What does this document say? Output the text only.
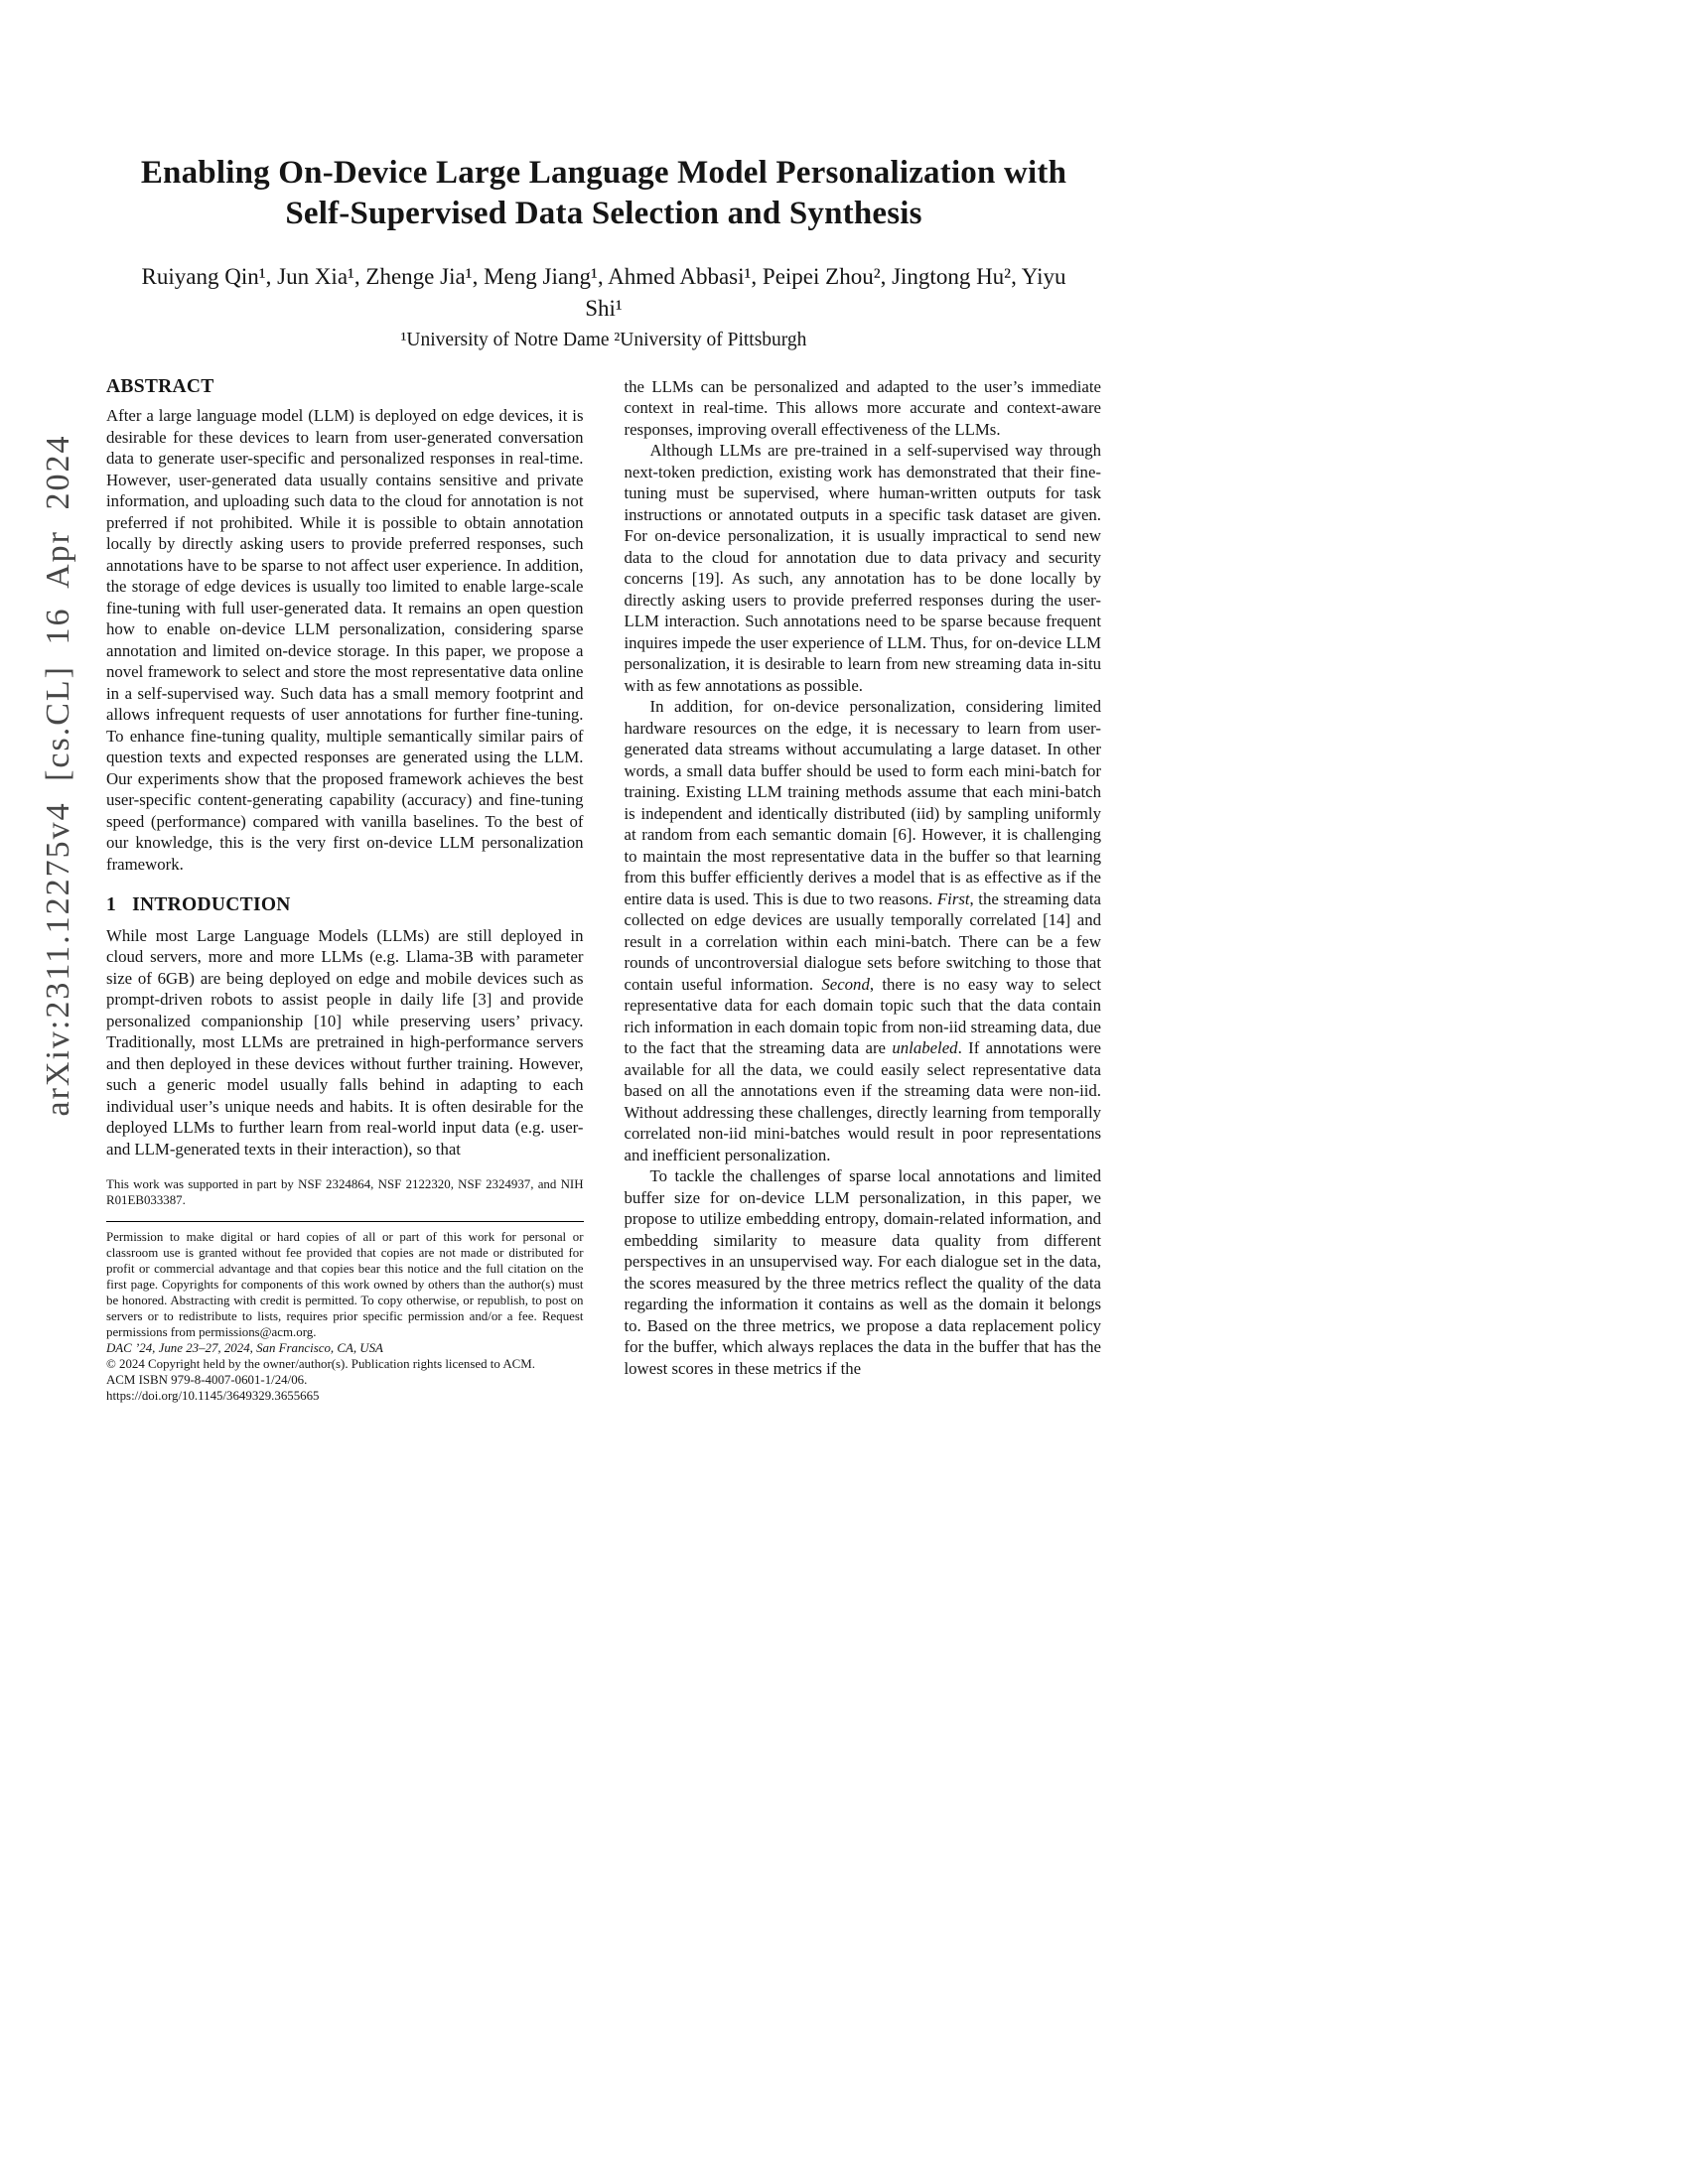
arXiv:2311.12275v4 [cs.CL] 16 Apr 2024
Enabling On-Device Large Language Model Personalization with Self-Supervised Data Selection and Synthesis
Ruiyang Qin¹, Jun Xia¹, Zhenge Jia¹, Meng Jiang¹, Ahmed Abbasi¹, Peipei Zhou², Jingtong Hu², Yiyu Shi¹
¹University of Notre Dame ²University of Pittsburgh
ABSTRACT

After a large language model (LLM) is deployed on edge devices, it is desirable for these devices to learn from user-generated conversation data to generate user-specific and personalized responses in real-time. However, user-generated data usually contains sensitive and private information, and uploading such data to the cloud for annotation is not preferred if not prohibited. While it is possible to obtain annotation locally by directly asking users to provide preferred responses, such annotations have to be sparse to not affect user experience. In addition, the storage of edge devices is usually too limited to enable large-scale fine-tuning with full user-generated data. It remains an open question how to enable on-device LLM personalization, considering sparse annotation and limited on-device storage. In this paper, we propose a novel framework to select and store the most representative data online in a self-supervised way. Such data has a small memory footprint and allows infrequent requests of user annotations for further fine-tuning. To enhance fine-tuning quality, multiple semantically similar pairs of question texts and expected responses are generated using the LLM. Our experiments show that the proposed framework achieves the best user-specific content-generating capability (accuracy) and fine-tuning speed (performance) compared with vanilla baselines. To the best of our knowledge, this is the very first on-device LLM personalization framework.

1 INTRODUCTION

While most Large Language Models (LLMs) are still deployed in cloud servers, more and more LLMs (e.g. Llama-3B with parameter size of 6GB) are being deployed on edge and mobile devices such as prompt-driven robots to assist people in daily life [3] and provide personalized companionship [10] while preserving users’ privacy. Traditionally, most LLMs are pretrained in high-performance servers and then deployed in these devices without further training. However, such a generic model usually falls behind in adapting to each individual user’s unique needs and habits. It is often desirable for the deployed LLMs to further learn from real-world input data (e.g. user- and LLM-generated texts in their interaction), so that

This work was supported in part by NSF 2324864, NSF 2122320, NSF 2324937, and NIH R01EB033387.

Permission to make digital or hard copies of all or part of this work for personal or classroom use is granted without fee provided that copies are not made or distributed for profit or commercial advantage and that copies bear this notice and the full citation on the first page. Copyrights for components of this work owned by others than the author(s) must be honored. Abstracting with credit is permitted. To copy otherwise, or republish, to post on servers or to redistribute to lists, requires prior specific permission and/or a fee. Request permissions from permissions@acm.org.

DAC ’24, June 23–27, 2024, San Francisco, CA, USA

© 2024 Copyright held by the owner/author(s). Publication rights licensed to ACM.

ACM ISBN 979-8-4007-0601-1/24/06.

https://doi.org/10.1145/3649329.3655665

the LLMs can be personalized and adapted to the user’s immediate context in real-time. This allows more accurate and context-aware responses, improving overall effectiveness of the LLMs.

Although LLMs are pre-trained in a self-supervised way through next-token prediction, existing work has demonstrated that their fine-tuning must be supervised, where human-written outputs for task instructions or annotated outputs in a specific task dataset are given. For on-device personalization, it is usually impractical to send new data to the cloud for annotation due to data privacy and security concerns [19]. As such, any annotation has to be done locally by directly asking users to provide preferred responses during the user-LLM interaction. Such annotations need to be sparse because frequent inquires impede the user experience of LLM. Thus, for on-device LLM personalization, it is desirable to learn from new streaming data in-situ with as few annotations as possible.

In addition, for on-device personalization, considering limited hardware resources on the edge, it is necessary to learn from user-generated data streams without accumulating a large dataset. In other words, a small data buffer should be used to form each mini-batch for training. Existing LLM training methods assume that each mini-batch is independent and identically distributed (iid) by sampling uniformly at random from each semantic domain [6]. However, it is challenging to maintain the most representative data in the buffer so that learning from this buffer efficiently derives a model that is as effective as if the entire data is used. This is due to two reasons. First, the streaming data collected on edge devices are usually temporally correlated [14] and result in a correlation within each mini-batch. There can be a few rounds of uncontroversial dialogue sets before switching to those that contain useful information. Second, there is no easy way to select representative data for each domain topic such that the data contain rich information in each domain topic from non-iid streaming data, due to the fact that the streaming data are unlabeled. If annotations were available for all the data, we could easily select representative data based on all the annotations even if the streaming data were non-iid. Without addressing these challenges, directly learning from temporally correlated non-iid mini-batches would result in poor representations and inefficient personalization.

To tackle the challenges of sparse local annotations and limited buffer size for on-device LLM personalization, in this paper, we propose to utilize embedding entropy, domain-related information, and embedding similarity to measure data quality from different perspectives in an unsupervised way. For each dialogue set in the data, the scores measured by the three metrics reflect the quality of the data regarding the information it contains as well as the domain it belongs to. Based on the three metrics, we propose a data replacement policy for the buffer, which always replaces the data in the buffer that has the lowest scores in these metrics if the
